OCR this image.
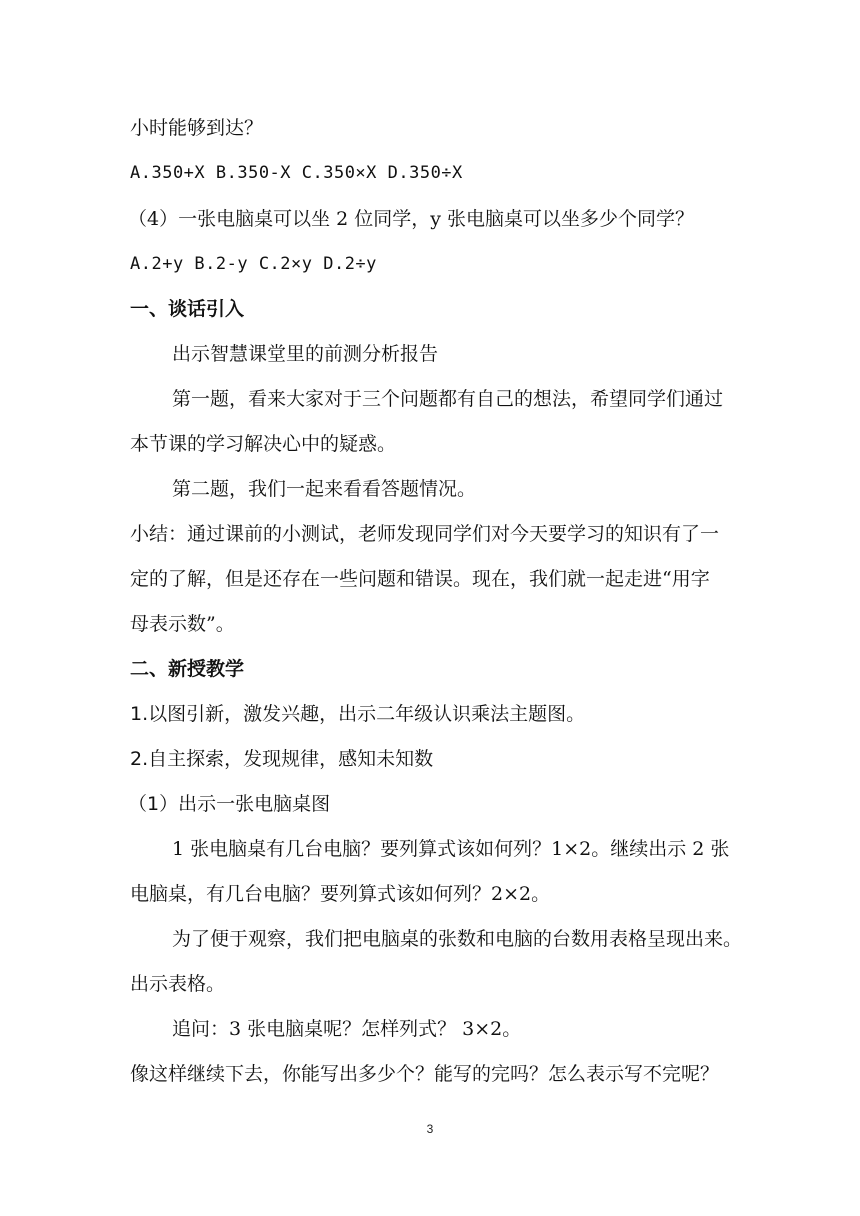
小时能够到达？
A.350+X B.350-X C.350×X D.350÷X
（4）一张电脑桌可以坐 2 位同学，y 张电脑桌可以坐多少个同学？
A.2+y B.2-y C.2×y D.2÷y
一、谈话引入
出示智慧课堂里的前测分析报告
第一题，看来大家对于三个问题都有自己的想法，希望同学们通过
本节课的学习解决心中的疑惑。
第二题，我们一起来看看答题情况。
小结：通过课前的小测试，老师发现同学们对今天要学习的知识有了一
定的了解，但是还存在一些问题和错误。现在，我们就一起走进“用字
母表示数”。
二、新授教学
1.以图引新，激发兴趣，出示二年级认识乘法主题图。
2.自主探索，发现规律，感知未知数
（1）出示一张电脑桌图
1 张电脑桌有几台电脑？要列算式该如何列？1×2。继续出示 2 张
电脑桌，有几台电脑？要列算式该如何列？2×2。
为了便于观察，我们把电脑桌的张数和电脑的台数用表格呈现出来。
出示表格。
追问：3 张电脑桌呢？怎样列式？ 3×2。
像这样继续下去，你能写出多少个？能写的完吗？怎么表示写不完呢？
3
